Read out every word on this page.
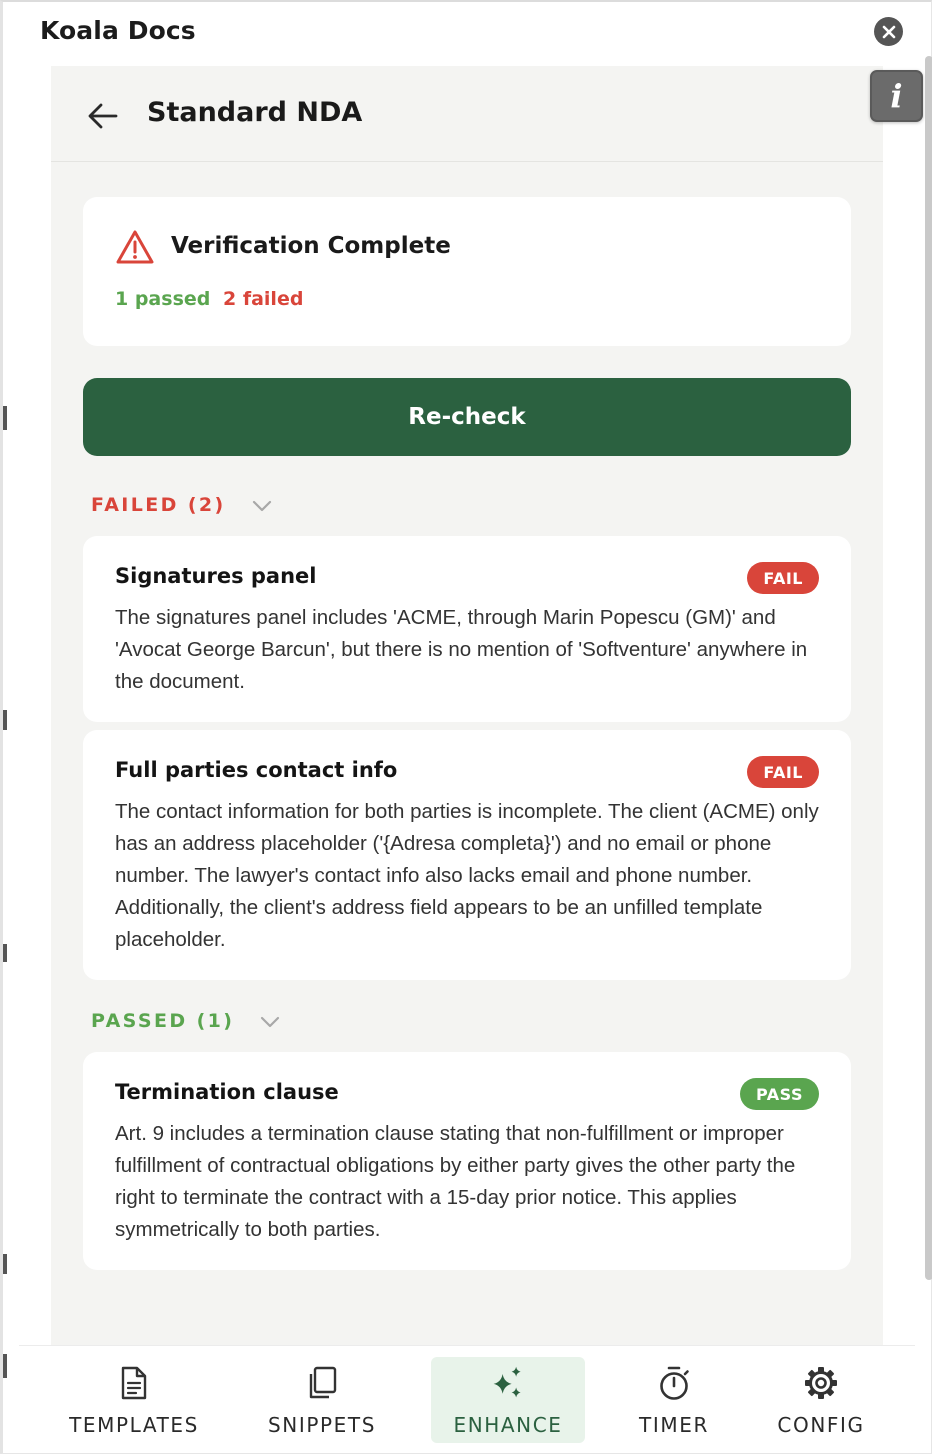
Koala Docs
Standard NDA
Verification Complete
1 passed 2 failed
Re-check
FAILED (2)
Signatures panel	FAIL
The signatures panel includes 'ACME, through Marin Popescu (GM)' and 'Avocat George Barcun', but there is no mention of 'Softventure' anywhere in the document.
Full parties contact info	FAIL
The contact information for both parties is incomplete. The client (ACME) only has an address placeholder ('{Adresa completa}') and no email or phone number. The lawyer's contact info also lacks email and phone number. Additionally, the client's address field appears to be an unfilled template placeholder.
PASSED (1)
Termination clause	PASS
Art. 9 includes a termination clause stating that non-fulfillment or improper fulfillment of contractual obligations by either party gives the other party the right to terminate the contract with a 15-day prior notice. This applies symmetrically to both parties.
i
TEMPLATES	SNIPPETS	ENHANCE	TIMER	CONFIG
